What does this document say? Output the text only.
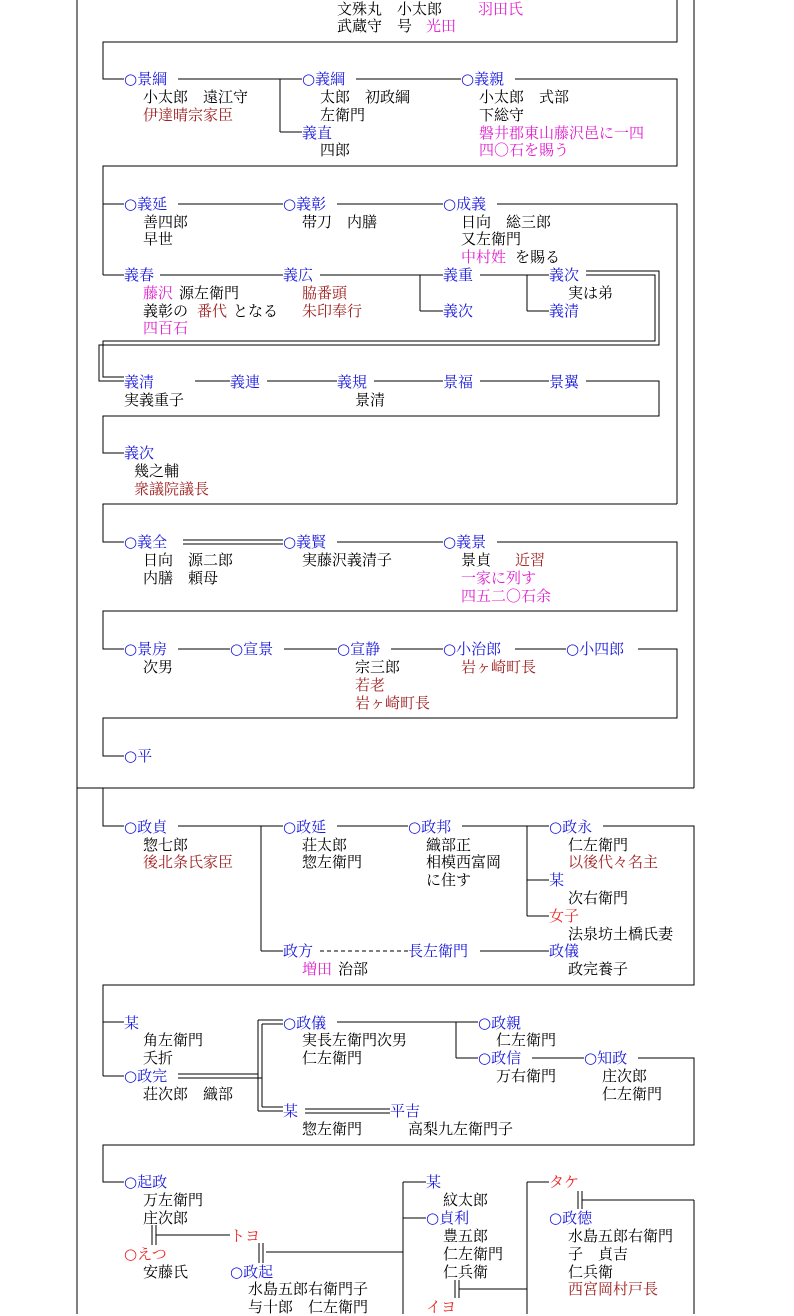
文殊丸　小太郎 羽田氏
武蔵守　号 光田
○景綱
小太郎　遠江守
伊達晴宗家臣
○義綱
太郎　初政綱
左衛門
義直
四郎
○義親
小太郎　式部
下総守
磐井郡東山藤沢邑に一四
四〇石を賜う
○義延
善四郎
早世
○義彰
帯刀　内膳
○成義
日向　総三郎
又左衛門
中村姓 を賜る
義春
藤沢 源左衛門
義彰の 番代 となる
四百石
義広
脇番頭
朱印奉行
義重
義次
義次
実は弟
義清
義清
実義重子
義連	義規
景清
景福	景翼
義次
幾之輔
衆議院議長
○義全
日向　源二郎
内膳　頼母
○義賢
実藤沢義清子
○義景
景貞 近習
一家に列す
四五二〇石余
○景房
次男
○宣景	○宣静
宗三郎
若老
岩ヶ崎町長
○小治郎
岩ヶ崎町長
○小四郎
○平
○政貞
惣七郎
後北条氏家臣
○政延
荘太郎
惣左衛門
○政邦
織部正
相模西富岡
に住す
○政永
仁左衛門
以後代々名主
某
次右衛門
女子
法泉坊土橋氏妻
政方
増田 治部
長左衛門	政儀
政完養子
某
角左衛門
夭折
○政完
荘次郎　織部
○政儀
実長左衛門次男
仁左衛門
○政親
仁左衛門
○政信
万右衛門
○知政
庄次郎
仁左衛門
某
惣左衛門
平吉
高梨九左衛門子
○起政
万左衛門
庄次郎
○えつ
安藤氏
トヨ
○政起
水島五郎右衛門子
与十郎　仁左衛門
某
紋太郎
○貞利
豊五郎
仁左衛門
仁兵衛
イヨ
タケ
○政徳
水島五郎右衛門
子　貞吉
仁兵衛
西宮岡村戸長
